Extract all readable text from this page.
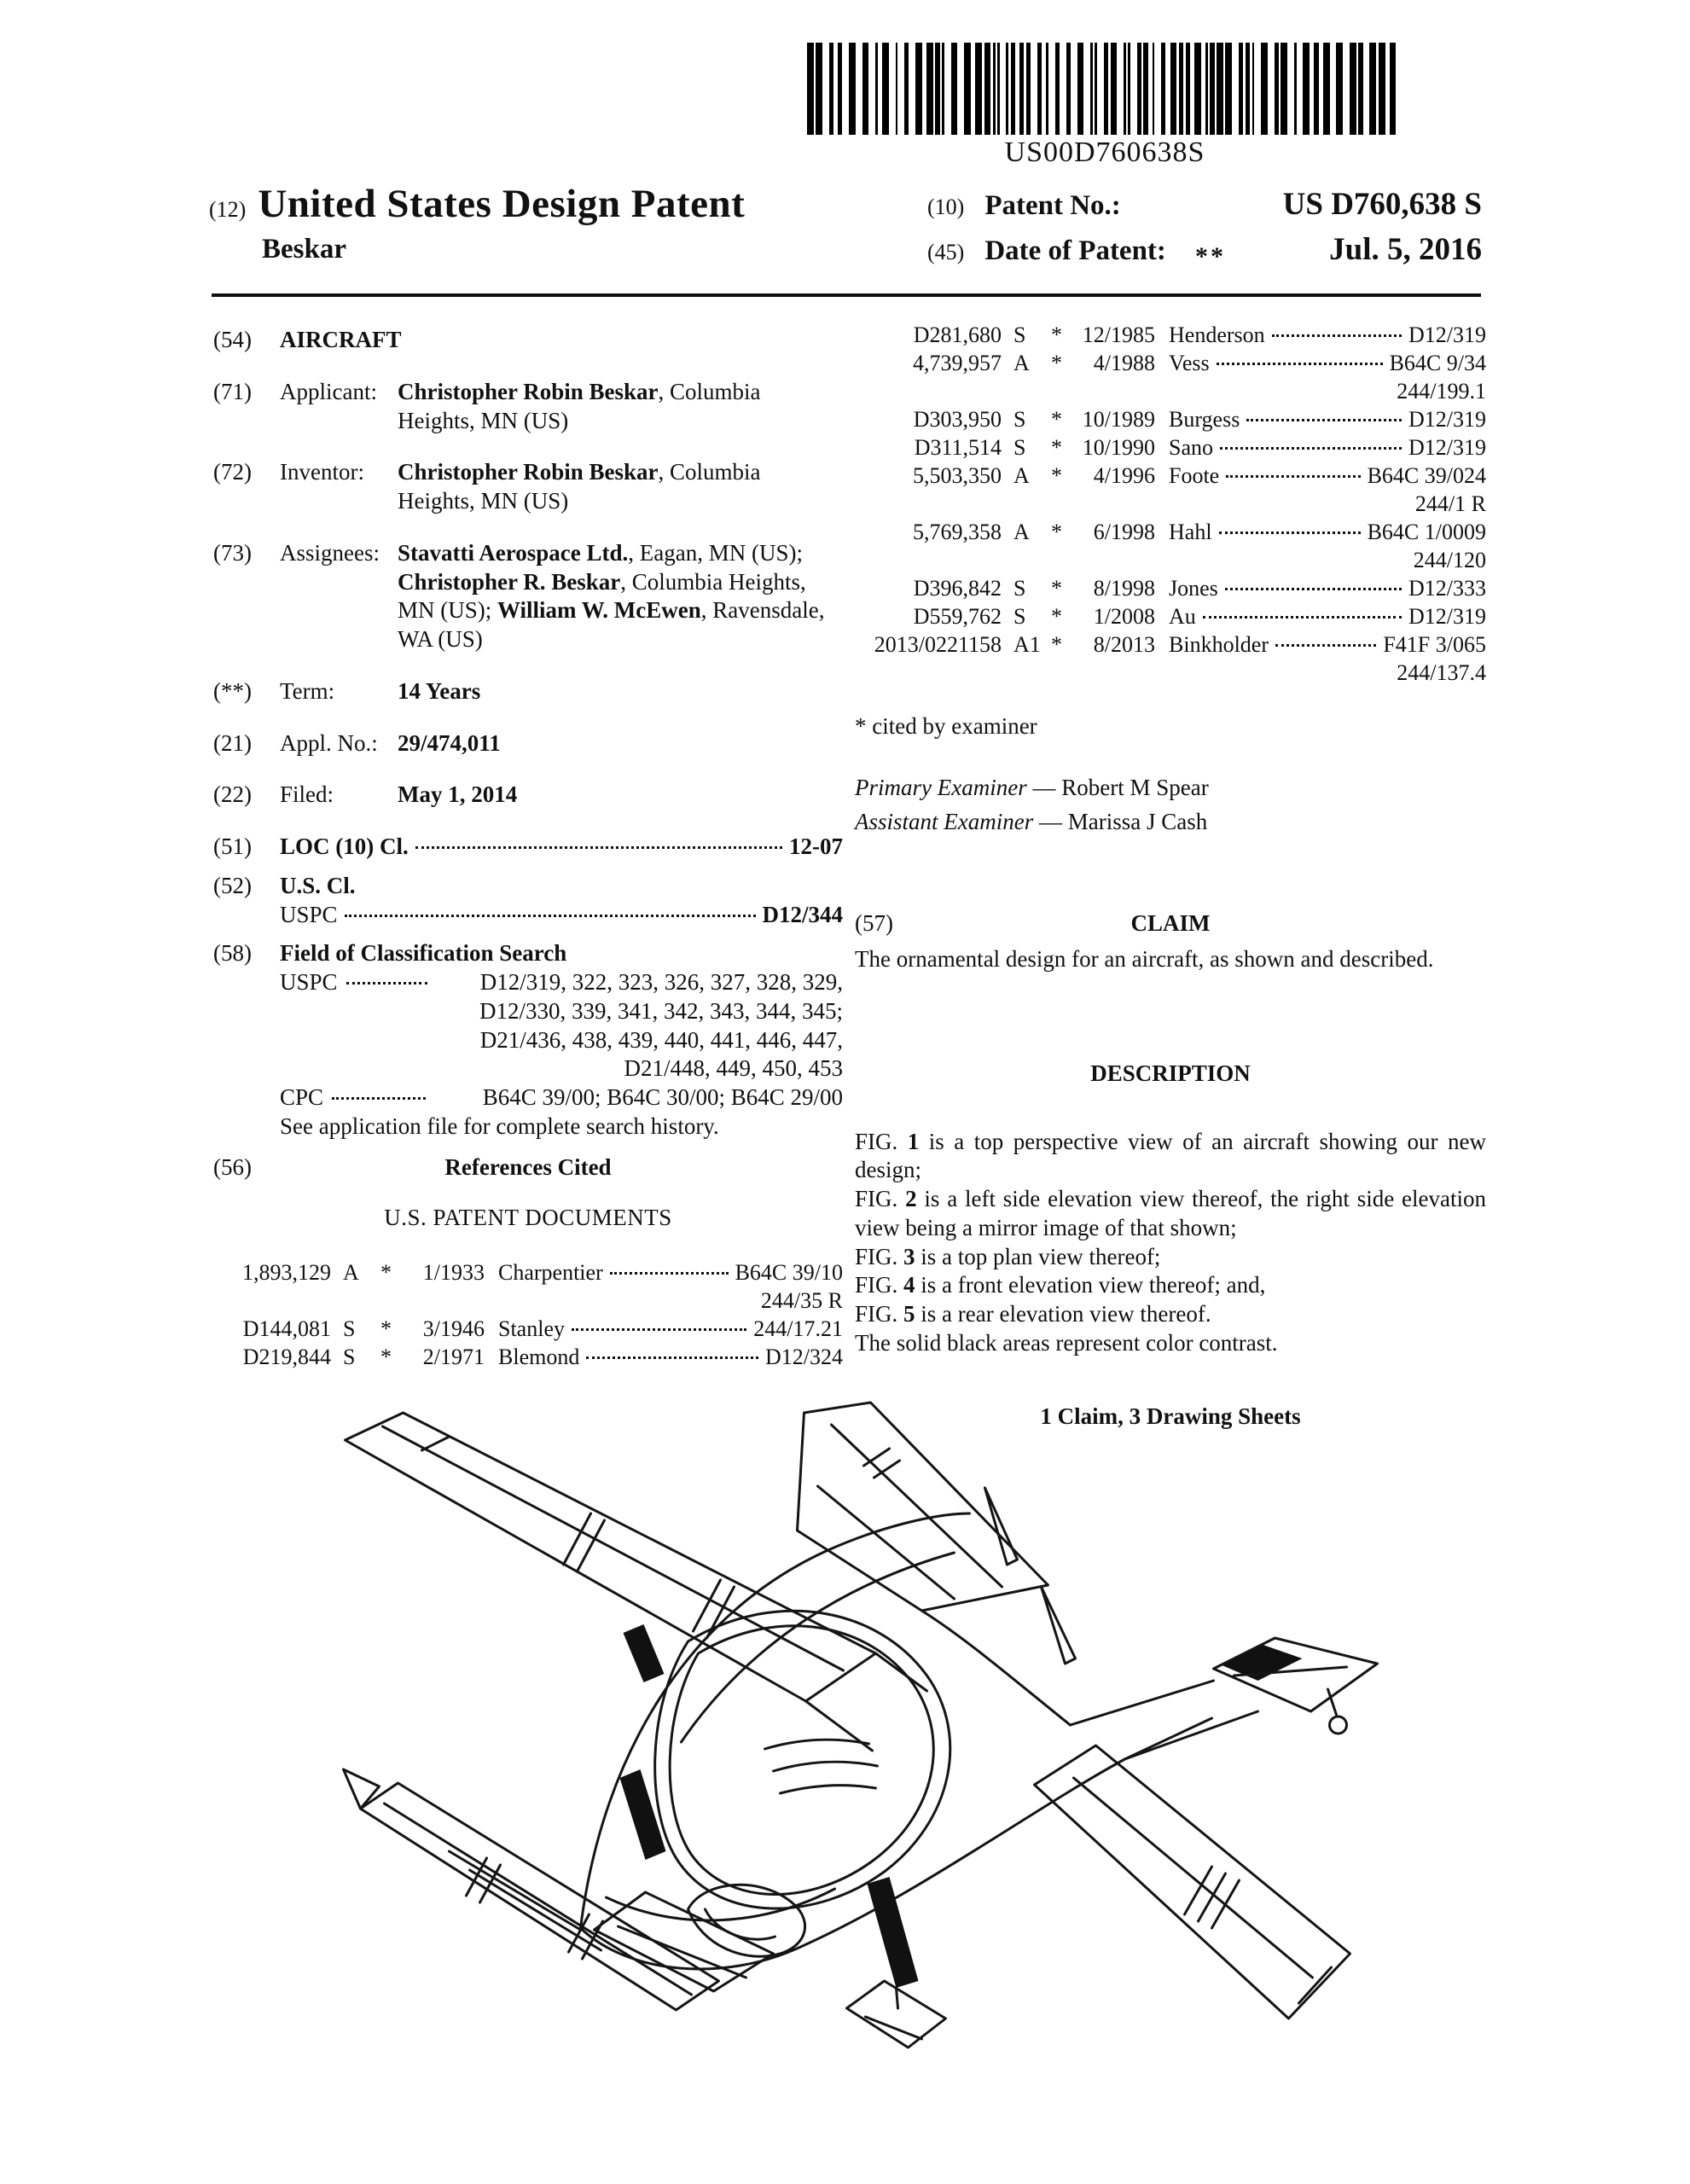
US00D760638S
(12) United States Design Patent
Beskar
(10) Patent No.:	US D760,638 S
(45) Date of Patent: **	Jul. 5, 2016
(54)	AIRCRAFT
(71)	Applicant: Christopher Robin Beskar, Columbia Heights, MN (US)
(72)	Inventor:	Christopher Robin Beskar, Columbia Heights, MN (US)
(73)	Assignees: Stavatti Aerospace Ltd., Eagan, MN (US); Christopher R. Beskar, Columbia Heights, MN (US); William W. McEwen, Ravensdale, WA (US)
(**)	Term:	14 Years
(21)	Appl. No.: 29/474,011
(22)	Filed:	May 1, 2014
(51)	LOC (10) Cl.	12-07
(52)	U.S. Cl.
USPC	D12/344
(58)	Field of Classification Search
USPC	D12/319, 322, 323, 326, 327, 328, 329,
D12/330, 339, 341, 342, 343, 344, 345;
D21/436, 438, 439, 440, 441, 446, 447,
D21/448, 449, 450, 453
CPC	B64C 39/00; B64C 30/00; B64C 29/00
See application file for complete search history.
(56)	References Cited
U.S. PATENT DOCUMENTS
1,893,129 A *	1/1933 Charpentier	B64C 39/10
244/35 R
D144,081 S	*	3/1946 Stanley	244/17.21
D219,844 S	*	2/1971 Blemond	D12/324
D281,680 S	* 12/1985 Henderson	D12/319
4,739,957 A *	4/1988 Vess	B64C 9/34
244/199.1
D303,950 S	* 10/1989 Burgess	D12/319
D311,514 S	* 10/1990 Sano	D12/319
5,503,350 A *	4/1996 Foote	B64C 39/024
244/1 R
5,769,358 A *	6/1998 Hahl	B64C 1/0009
244/120
D396,842 S	*	8/1998 Jones	D12/333
D559,762 S	*	1/2008 Au	D12/319
2013/0221158 A1 *	8/2013 Binkholder	F41F 3/065
244/137.4
* cited by examiner
Primary Examiner — Robert M Spear
Assistant Examiner — Marissa J Cash
(57)	CLAIM
The ornamental design for an aircraft, as shown and described.
DESCRIPTION
FIG. 1 is a top perspective view of an aircraft showing our new design;
FIG. 2 is a left side elevation view thereof, the right side elevation view being a mirror image of that shown;
FIG. 3 is a top plan view thereof;
FIG. 4 is a front elevation view thereof; and,
FIG. 5 is a rear elevation view thereof.
The solid black areas represent color contrast.
1 Claim, 3 Drawing Sheets
